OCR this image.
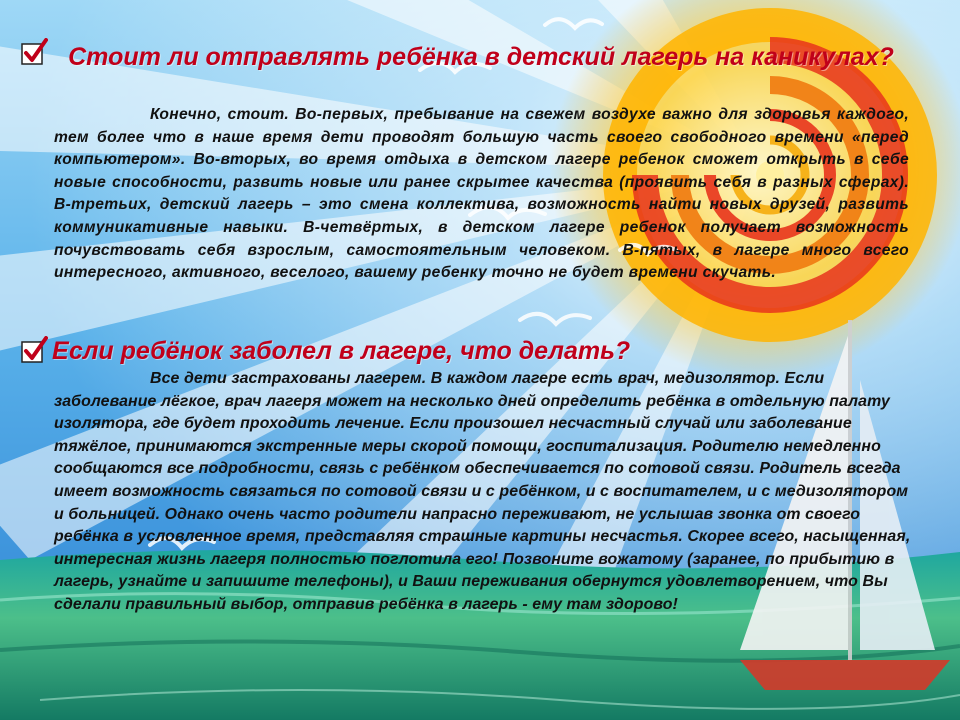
Стоит ли отправлять ребёнка в детский лагерь на каникулах?

Конечно, стоит. Во-первых, пребывание на свежем воздухе важно для здоровья каждого, тем более что в наше время дети проводят большую часть своего свободного времени «перед компьютером». Во-вторых, во время отдыха в детском лагере ребенок сможет открыть в себе новые способности, развить новые или ранее скрытее качества (проявить себя в разных сферах). В-третьих, детский лагерь – это смена коллектива, возможность найти новых друзей, развить коммуникативные навыки. В-четвёртых, в детском лагере ребенок получает возможность почувствовать себя взрослым, самостоятельным человеком. В-пятых, в лагере много всего интересного, активного, веселого, вашему ребенку точно не будет времени скучать.

Если ребёнок заболел в лагере, что делать?

Все дети застрахованы лагерем. В каждом лагере есть врач, медизолятор. Если заболевание лёгкое, врач лагеря может на несколько дней определить ребёнка в отдельную палату изолятора, где будет проходить лечение. Если произошел несчастный случай или заболевание тяжёлое, принимаются экстренные меры скорой помощи, госпитализация. Родителю немедленно сообщаются все подробности, связь с ребёнком обеспечивается по сотовой связи. Родитель всегда имеет возможность связаться по сотовой связи и с ребёнком, и с воспитателем, и с медизолятором и больницей. Однако очень часто родители напрасно переживают, не услышав звонка от своего ребёнка в условленное время, представляя страшные картины несчастья. Скорее всего, насыщенная, интересная жизнь лагеря полностью поглотила его! Позвоните вожатому (заранее, по прибытию в лагерь, узнайте и запишите телефоны), и Ваши переживания обернутся удовлетворением, что Вы сделали правильный выбор, отправив ребёнка в лагерь - ему там здорово!
